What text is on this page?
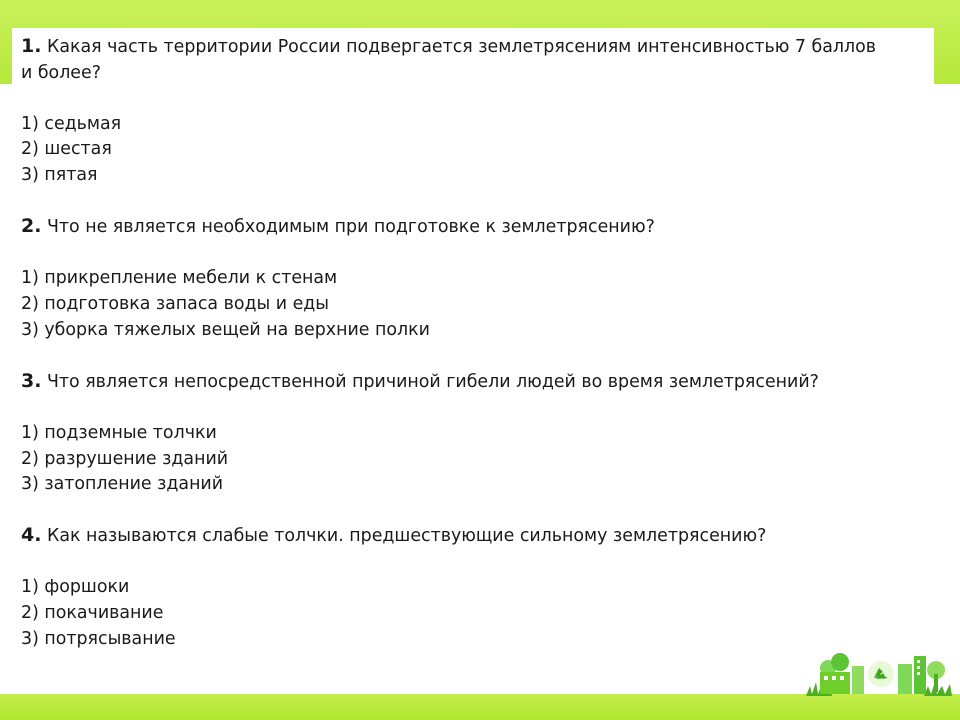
1. Какая часть территории России подвергается землетрясениям интенсивностью 7 баллов
и более?
1) седьмая
2) шестая
3) пятая
2. Что не является необходимым при подготовке к землетрясению?
1) прикрепление мебели к стенам
2) подготовка запаса воды и еды
3) уборка тяжелых вещей на верхние полки
3. Что является непосредственной причиной гибели людей во время землетрясений?
1) подземные толчки
2) разрушение зданий
3) затопление зданий
4. Как называются слабые толчки. предшествующие сильному землетрясению?
1) форшоки
2) покачивание
3) потрясывание
